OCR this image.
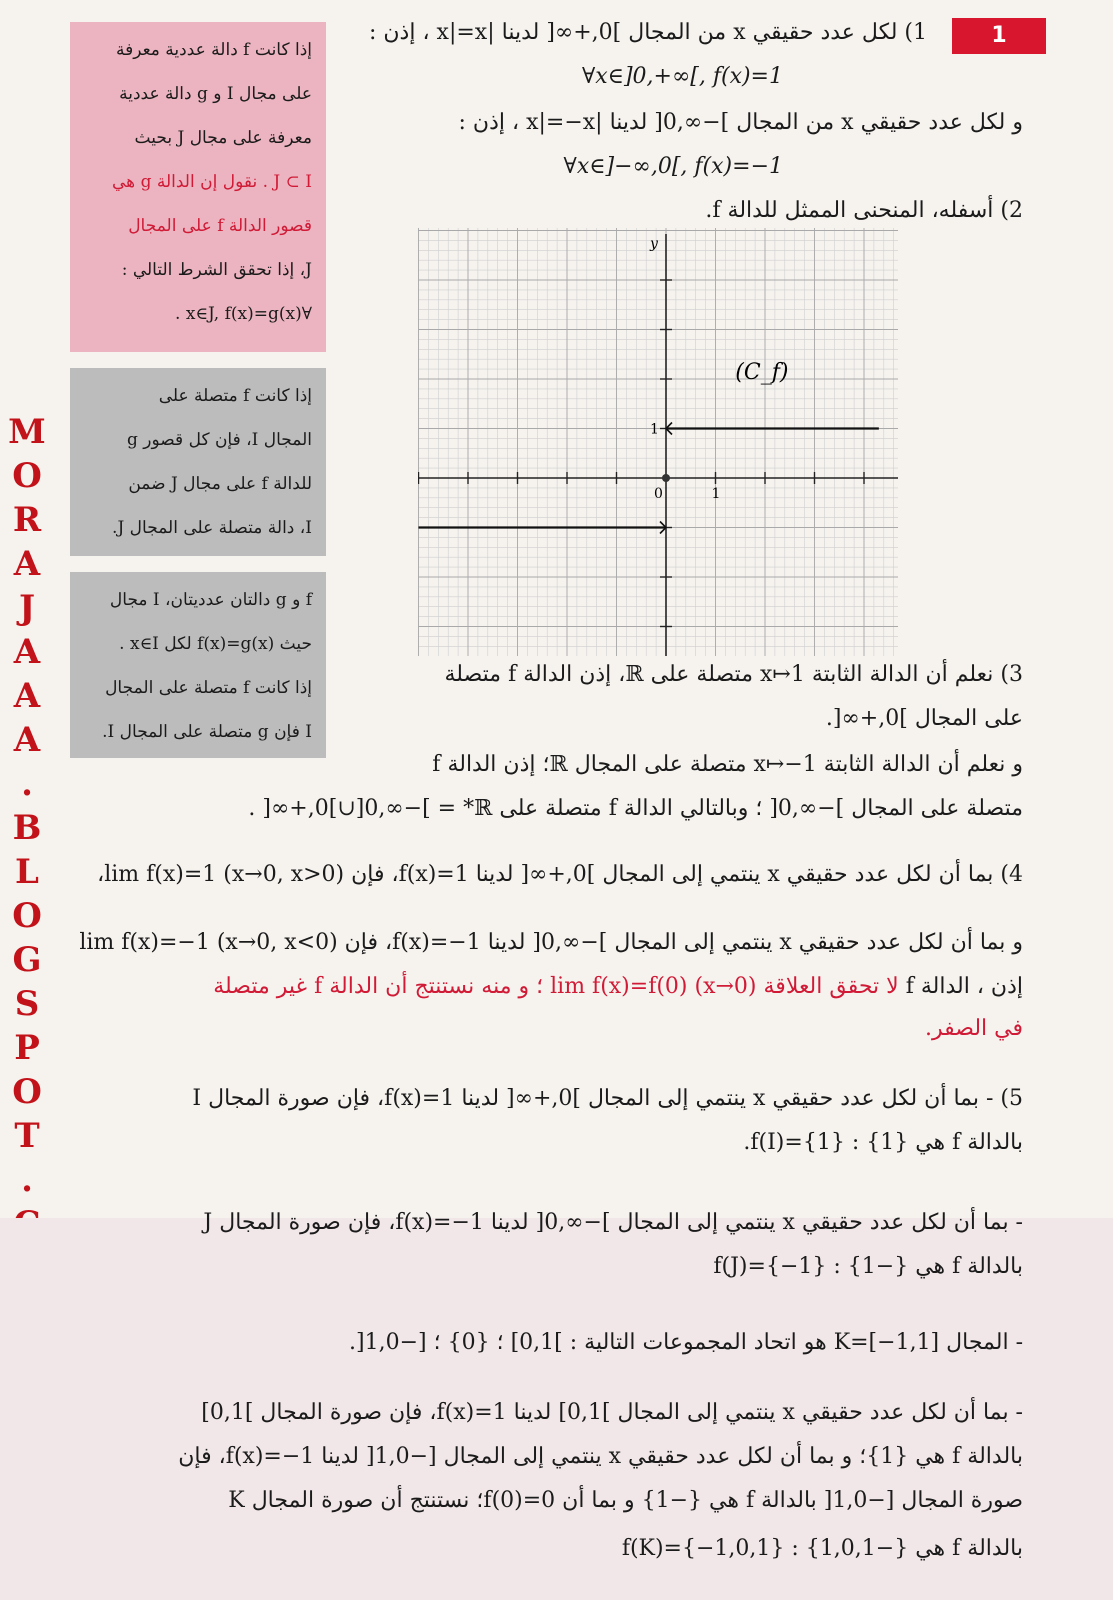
M
O
R
A
J
A
A
A
.
B
L
O
G
S
P
O
T
.
1
إذا كانت f دالة عددية معرفة
على مجال I و g دالة عددية
معرفة على مجال J بحيث
J ⊂ I . نقول إن الدالة g هي
قصور الدالة f على المجال
J، إذا تحقق الشرط التالي :
∀x∈J, f(x)=g(x) .
إذا كانت f متصلة على
المجال I، فإن كل قصور g
للدالة f على مجال J ضمن
I، دالة متصلة على المجال J.
f و g دالتان عدديتان، I مجال
حيث f(x)=g(x) لكل x∈I .
إذا كانت f متصلة على المجال
I فإن g متصلة على المجال I.
1) لكل عدد حقيقي x من المجال ]0,+∞[ لدينا |x|=x ، إذن :
∀x∈]0,+∞[, f(x)=1
و لكل عدد حقيقي x من المجال ]−∞,0[ لدينا |x|=−x ، إذن :
∀x∈]−∞,0[, f(x)=−1
2) أسفله، المنحنى الممثل للدالة f.
0	1
1
y
(C_f)
3) نعلم أن الدالة الثابتة x↦1 متصلة على ℝ، إذن الدالة f متصلة
على المجال ]0,+∞[.
و نعلم أن الدالة الثابتة x↦−1 متصلة على المجال ℝ؛ إذن الدالة f
متصلة على المجال ]−∞,0[ ؛ وبالتالي الدالة f متصلة على ℝ* = ]−∞,0[∪]0,+∞[ .
4) بما أن لكل عدد حقيقي x ينتمي إلى المجال ]0,+∞[ لدينا f(x)=1، فإن lim f(x)=1 (x→0, x>0)،
و بما أن لكل عدد حقيقي x ينتمي إلى المجال ]−∞,0[ لدينا f(x)=−1، فإن lim f(x)=−1 (x→0, x<0)
إذن ، الدالة f لا تحقق العلاقة lim f(x)=f(0) (x→0) ؛ و منه نستنتج أن الدالة f غير متصلة
في الصفر.
5) - بما أن لكل عدد حقيقي x ينتمي إلى المجال ]0,+∞[ لدينا f(x)=1، فإن صورة المجال I
بالدالة f هي {1} : f(I)={1}.
- بما أن لكل عدد حقيقي x ينتمي إلى المجال ]−∞,0[ لدينا f(x)=−1، فإن صورة المجال J
بالدالة f هي {−1} : f(J)={−1}
- المجال K=[−1,1] هو اتحاد المجموعات التالية : ]0,1] ؛ {0} ؛ [−1,0[.
- بما أن لكل عدد حقيقي x ينتمي إلى المجال ]0,1] لدينا f(x)=1، فإن صورة المجال ]0,1]
بالدالة f هي {1}؛ و بما أن لكل عدد حقيقي x ينتمي إلى المجال [−1,0[ لدينا f(x)=−1، فإن
صورة المجال [−1,0[ بالدالة f هي {−1} و بما أن f(0)=0؛ نستنتج أن صورة المجال K
بالدالة f هي {−1,0,1} : f(K)={−1,0,1}
